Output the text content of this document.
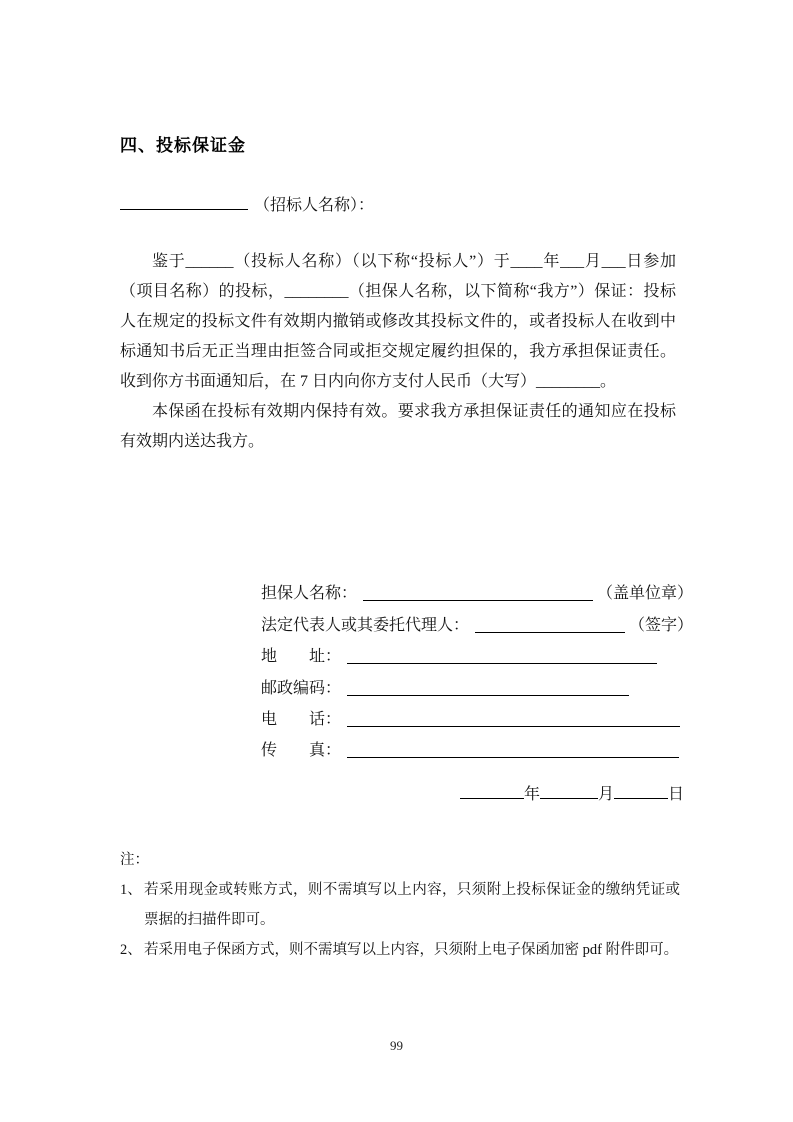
四、投标保证金
（招标人名称）：

鉴于______（投标人名称）（以下称“投标人”）于____年___月___日参加（项目名称）的投标，________（担保人名称，以下简称“我方”）保证：投标人在规定的投标文件有效期内撤销或修改其投标文件的，或者投标人在收到中标通知书后无正当理由拒签合同或拒交规定履约担保的，我方承担保证责任。收到你方书面通知后，在 7 日内向你方支付人民币（大写）________。

本保函在投标有效期内保持有效。要求我方承担保证责任的通知应在投标有效期内送达我方。

担保人名称：	（盖单位章）
法定代表人或其委托代理人：	（签字）
地　　址：
邮政编码：
电　　话：
传　　真：
年	月	日
注：
1、 若采用现金或转账方式，则不需填写以上内容，只须附上投标保证金的缴纳凭证或票据的扫描件即可。
2、 若采用电子保函方式，则不需填写以上内容，只须附上电子保函加密 pdf 附件即可。
99
